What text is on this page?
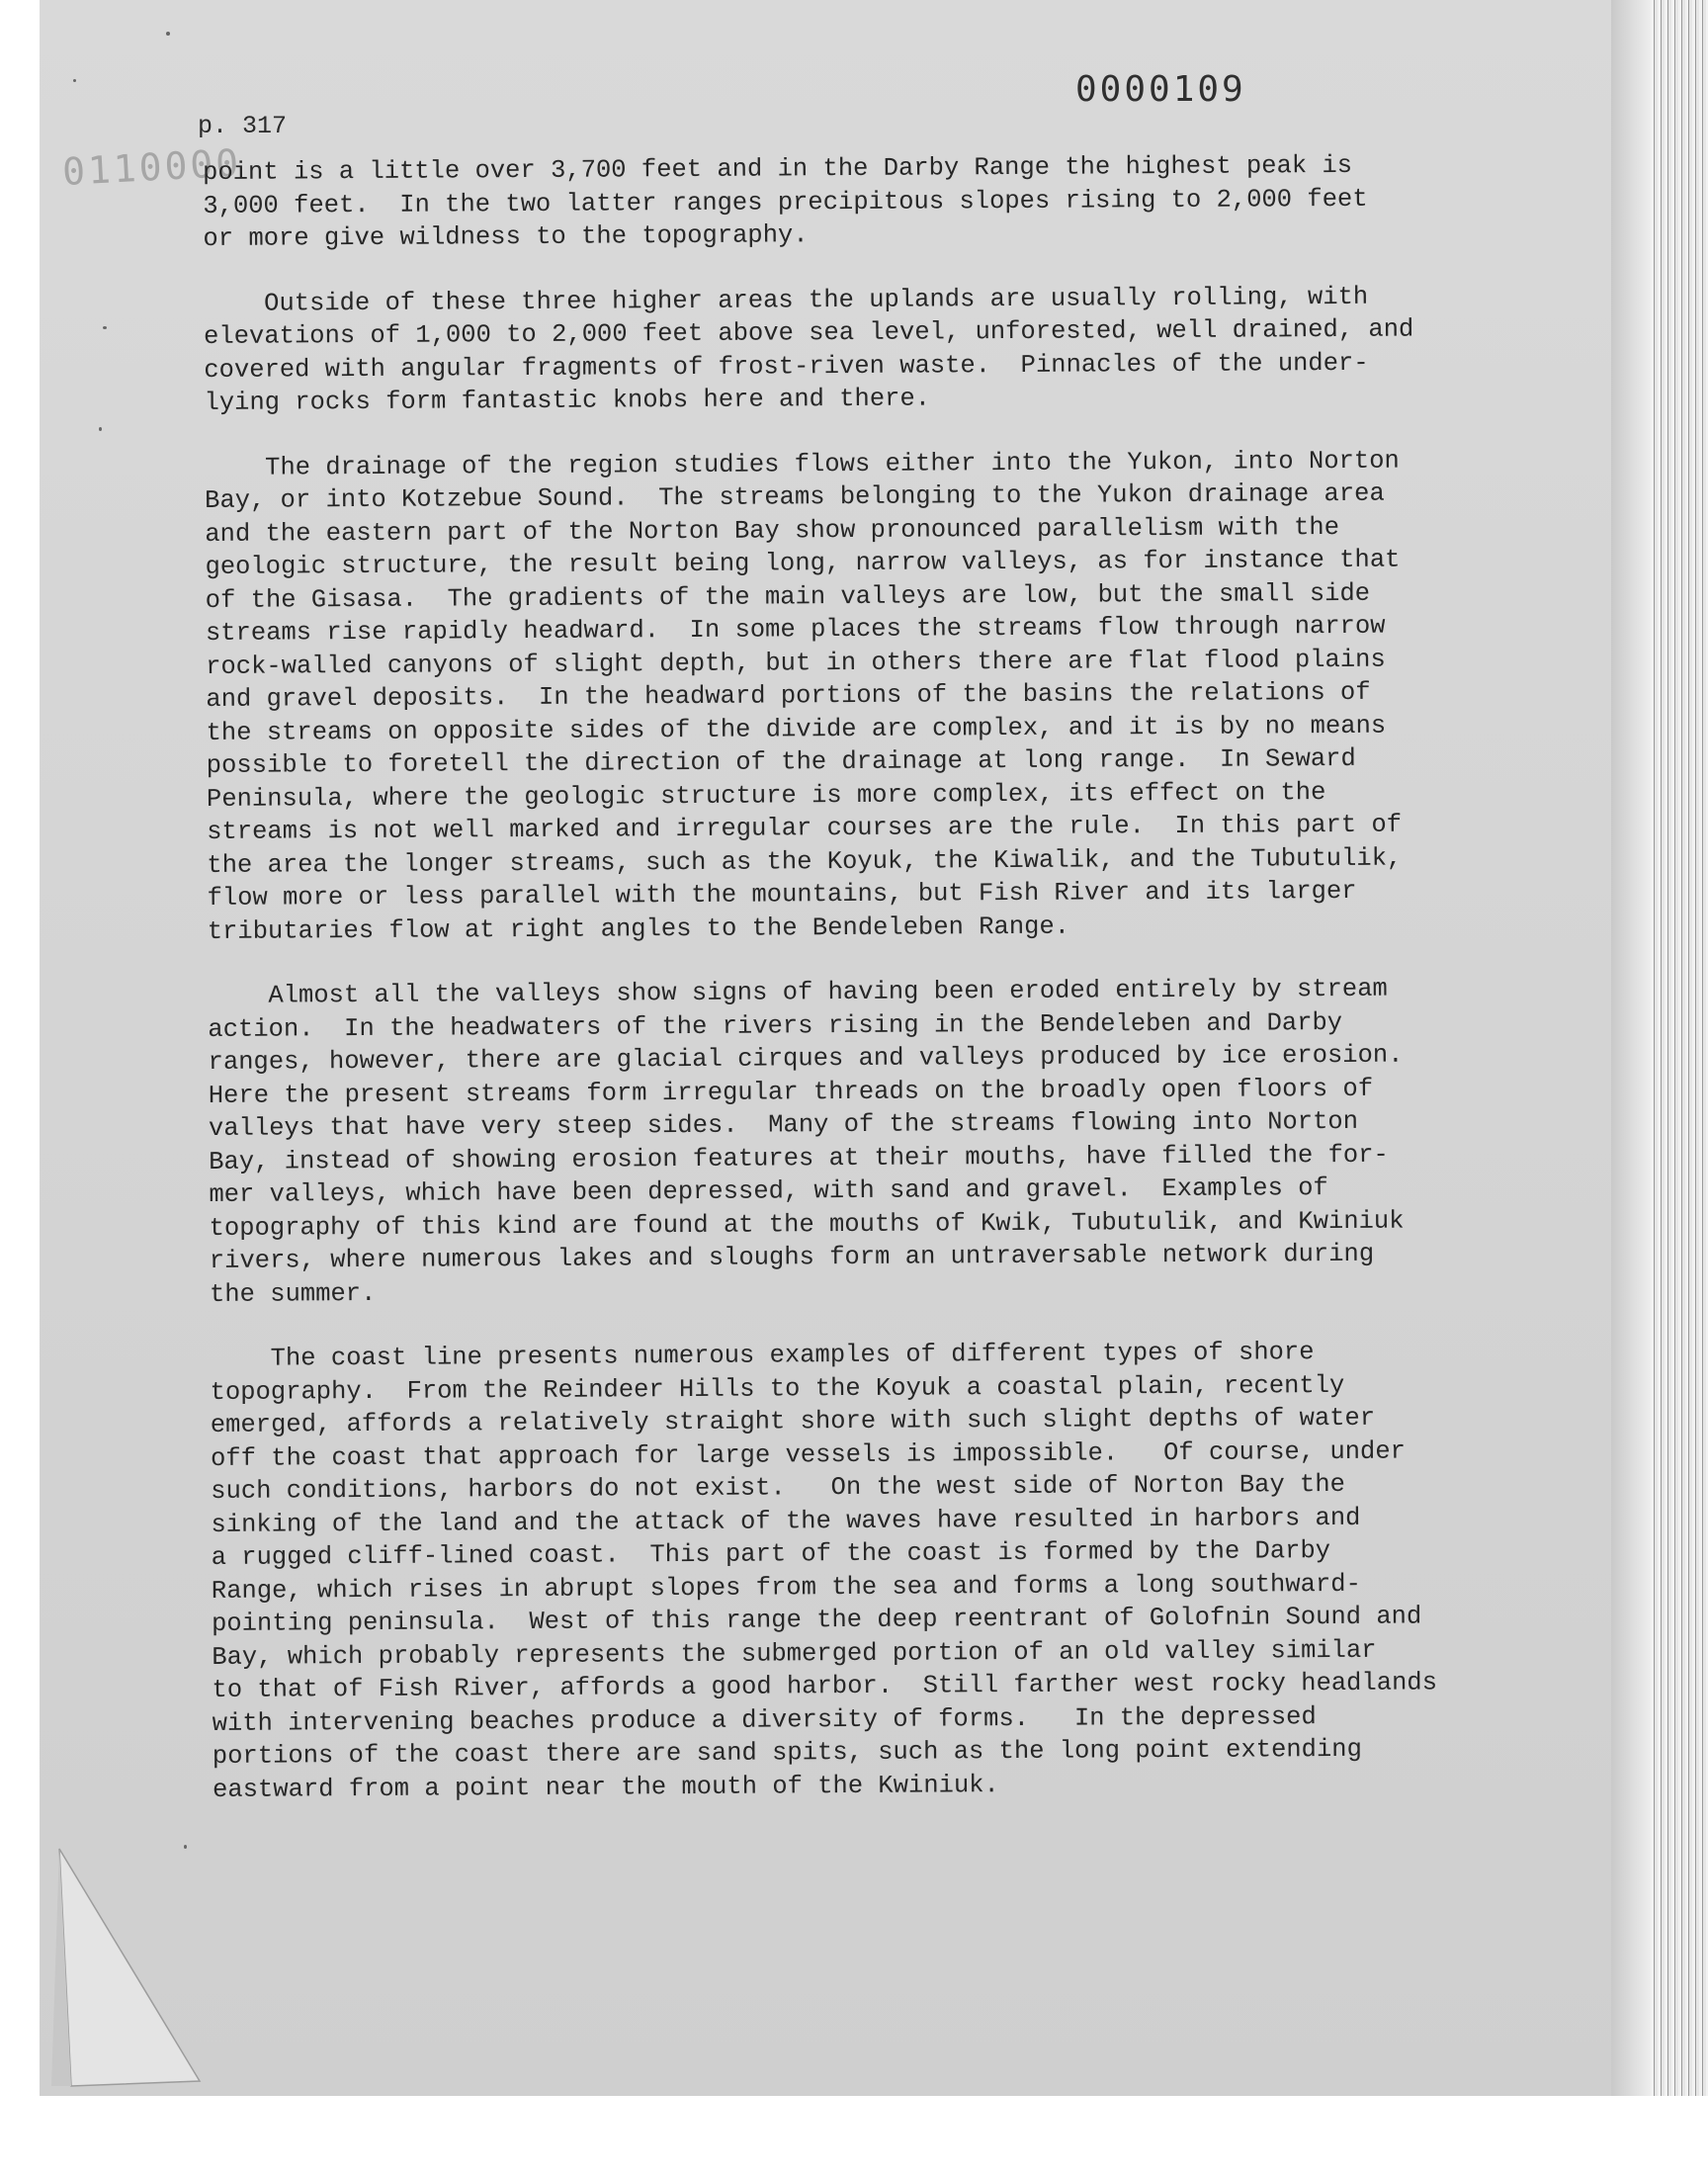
0000109
0110000
p. 317
point is a little over 3,700 feet and in the Darby Range the highest peak is
3,000 feet.  In the two latter ranges precipitous slopes rising to 2,000 feet
or more give wildness to the topography.
Outside of these three higher areas the uplands are usually rolling, with
elevations of 1,000 to 2,000 feet above sea level, unforested, well drained, and
covered with angular fragments of frost-riven waste.  Pinnacles of the under-
lying rocks form fantastic knobs here and there.
The drainage of the region studies flows either into the Yukon, into Norton
Bay, or into Kotzebue Sound.  The streams belonging to the Yukon drainage area
and the eastern part of the Norton Bay show pronounced parallelism with the
geologic structure, the result being long, narrow valleys, as for instance that
of the Gisasa.  The gradients of the main valleys are low, but the small side
streams rise rapidly headward.  In some places the streams flow through narrow
rock-walled canyons of slight depth, but in others there are flat flood plains
and gravel deposits.  In the headward portions of the basins the relations of
the streams on opposite sides of the divide are complex, and it is by no means
possible to foretell the direction of the drainage at long range.  In Seward
Peninsula, where the geologic structure is more complex, its effect on the
streams is not well marked and irregular courses are the rule.  In this part of
the area the longer streams, such as the Koyuk, the Kiwalik, and the Tubutulik,
flow more or less parallel with the mountains, but Fish River and its larger
tributaries flow at right angles to the Bendeleben Range.
Almost all the valleys show signs of having been eroded entirely by stream
action.  In the headwaters of the rivers rising in the Bendeleben and Darby
ranges, however, there are glacial cirques and valleys produced by ice erosion.
Here the present streams form irregular threads on the broadly open floors of
valleys that have very steep sides.  Many of the streams flowing into Norton
Bay, instead of showing erosion features at their mouths, have filled the for-
mer valleys, which have been depressed, with sand and gravel.  Examples of
topography of this kind are found at the mouths of Kwik, Tubutulik, and Kwiniuk
rivers, where numerous lakes and sloughs form an untraversable network during
the summer.
The coast line presents numerous examples of different types of shore
topography.  From the Reindeer Hills to the Koyuk a coastal plain, recently
emerged, affords a relatively straight shore with such slight depths of water
off the coast that approach for large vessels is impossible.   Of course, under
such conditions, harbors do not exist.   On the west side of Norton Bay the
sinking of the land and the attack of the waves have resulted in harbors and
a rugged cliff-lined coast.  This part of the coast is formed by the Darby
Range, which rises in abrupt slopes from the sea and forms a long southward-
pointing peninsula.  West of this range the deep reentrant of Golofnin Sound and
Bay, which probably represents the submerged portion of an old valley similar
to that of Fish River, affords a good harbor.  Still farther west rocky headlands
with intervening beaches produce a diversity of forms.   In the depressed
portions of the coast there are sand spits, such as the long point extending
eastward from a point near the mouth of the Kwiniuk.
